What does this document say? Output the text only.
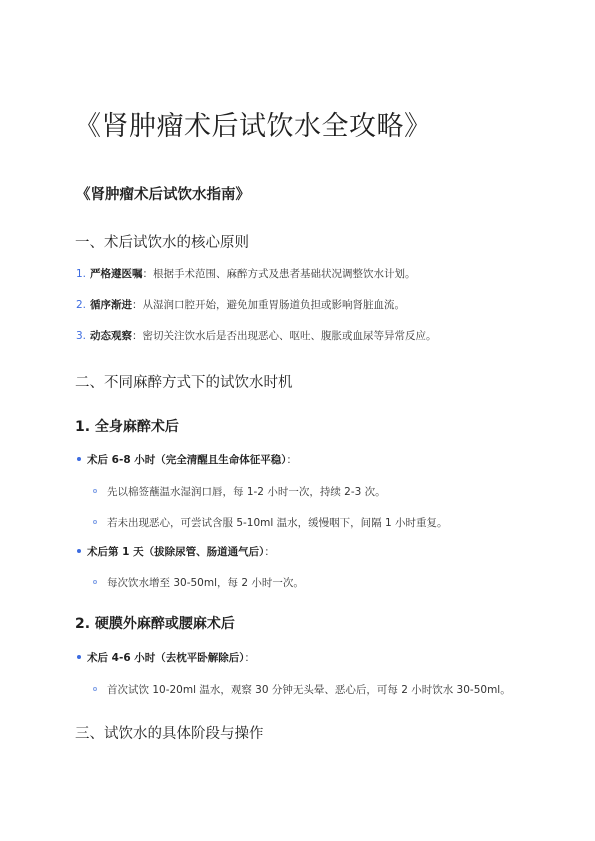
《肾肿瘤术后试饮水全攻略》
《肾肿瘤术后试饮水指南》
一、术后试饮水的核心原则
1. 严格遵医嘱：根据手术范围、麻醉方式及患者基础状况调整饮水计划。
2. 循序渐进：从湿润口腔开始，避免加重胃肠道负担或影响肾脏血流。
3. 动态观察：密切关注饮水后是否出现恶心、呕吐、腹胀或血尿等异常反应。
二、不同麻醉方式下的试饮水时机
1. 全身麻醉术后
术后 6-8 小时（完全清醒且生命体征平稳）：
先以棉签蘸温水湿润口唇，每 1-2 小时一次，持续 2-3 次。
若未出现恶心，可尝试含服 5-10ml 温水，缓慢咽下，间隔 1 小时重复。
术后第 1 天（拔除尿管、肠道通气后）：
每次饮水增至 30-50ml，每 2 小时一次。
2. 硬膜外麻醉或腰麻术后
术后 4-6 小时（去枕平卧解除后）：
首次试饮 10-20ml 温水，观察 30 分钟无头晕、恶心后，可每 2 小时饮水 30-50ml。
三、试饮水的具体阶段与操作
